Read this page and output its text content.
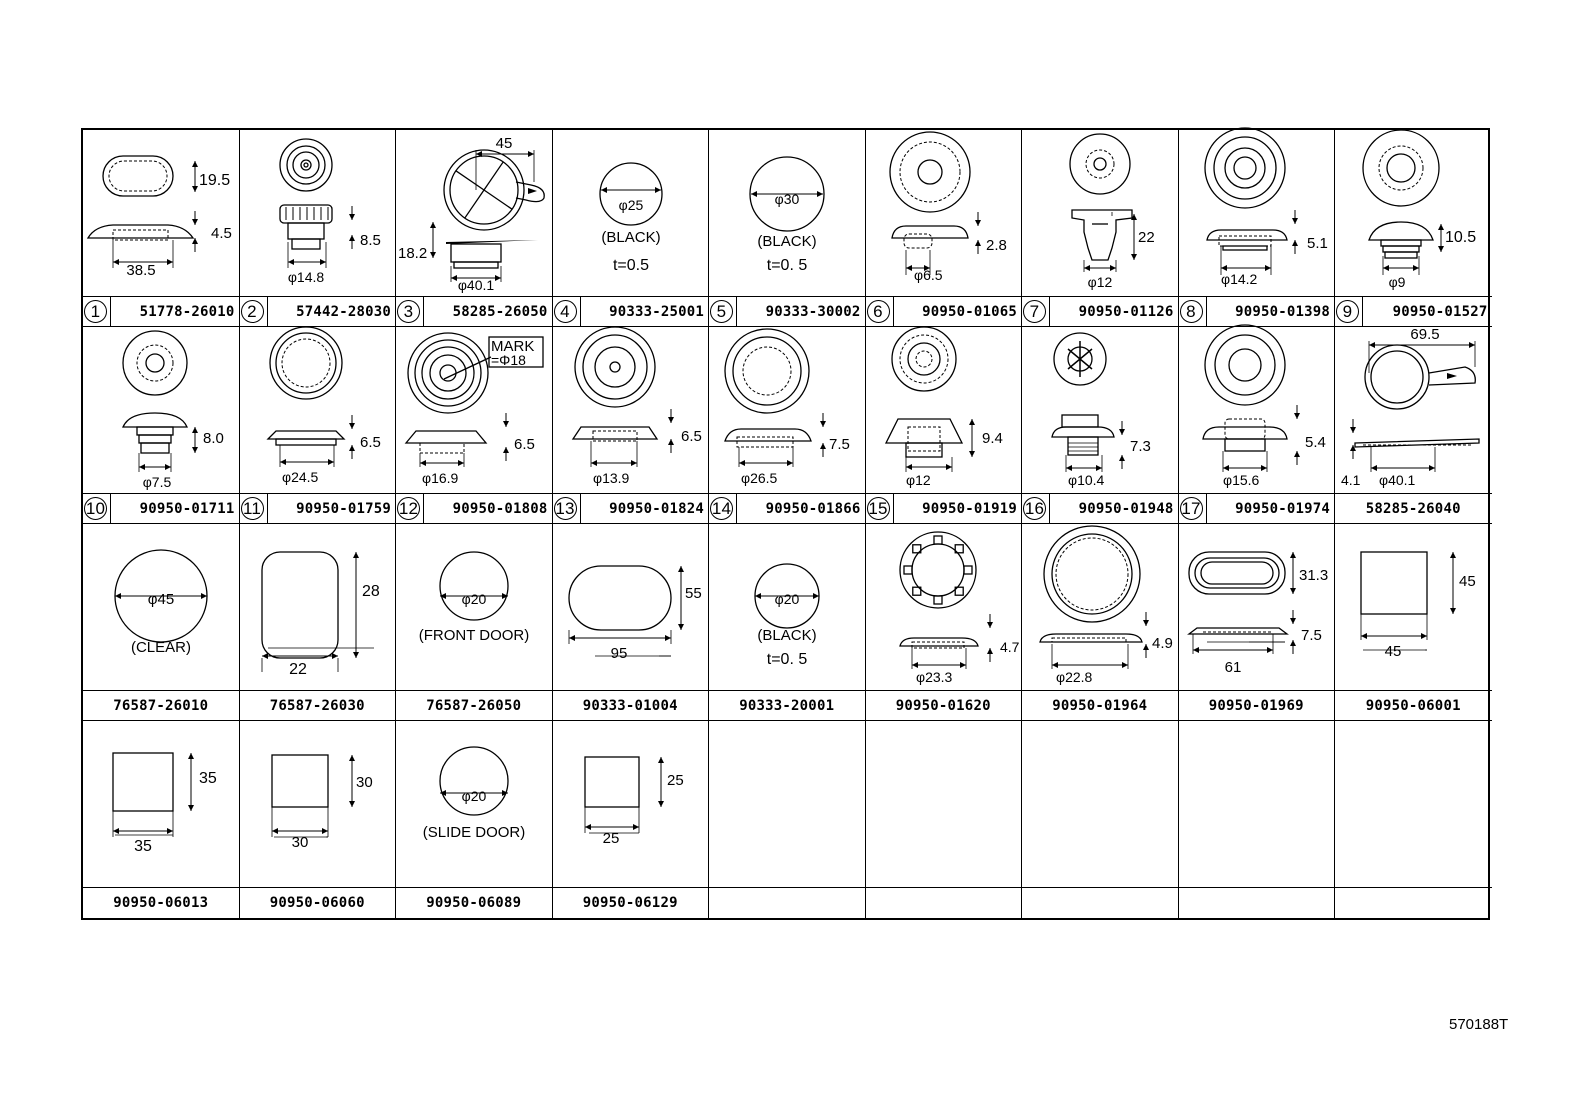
19.5
4.5
38.5
8.5
φ14.8
45
18.2
φ40.1
φ25
(BLACK)
t=0.5
φ30
(BLACK)
t=0. 5
2.8
φ6.5
22
φ12
5.1
φ14.2
10.5
φ9
1	51778-26010 2	57442-28030 3	58285-26050 4	90333-25001 5	90333-30002 6	90950-01065 7	90950-01126 8	90950-01398 9	90950-01527
8.0
φ7.5
6.5
φ24.5
MARK
=Φ18
6.5
φ16.9
6.5
φ13.9
7.5
φ26.5
9.4
φ12
7.3
φ10.4
5.4
φ15.6
69.5
4.1 φ40.1
10 90950-01711 11	90950-01759 12 90950-01808 13 90950-01824 14 90950-01866 15 90950-01919 16 90950-01948 17 90950-01974	58285-26040
φ45
(CLEAR)
28
22
φ20
(FRONT DOOR)
55
95
φ20
(BLACK)
t=0. 5
4.7
φ23.3
4.9
φ22.8
31.3
7.5
61
45
45
76587-26010	76587-26030	76587-26050	90333-01004	90333-20001	90950-01620	90950-01964	90950-01969	90950-06001
35
35
30
30
φ20
(SLIDE DOOR)
25
25
90950-06013	90950-06060	90950-06089	90950-06129
570188T
